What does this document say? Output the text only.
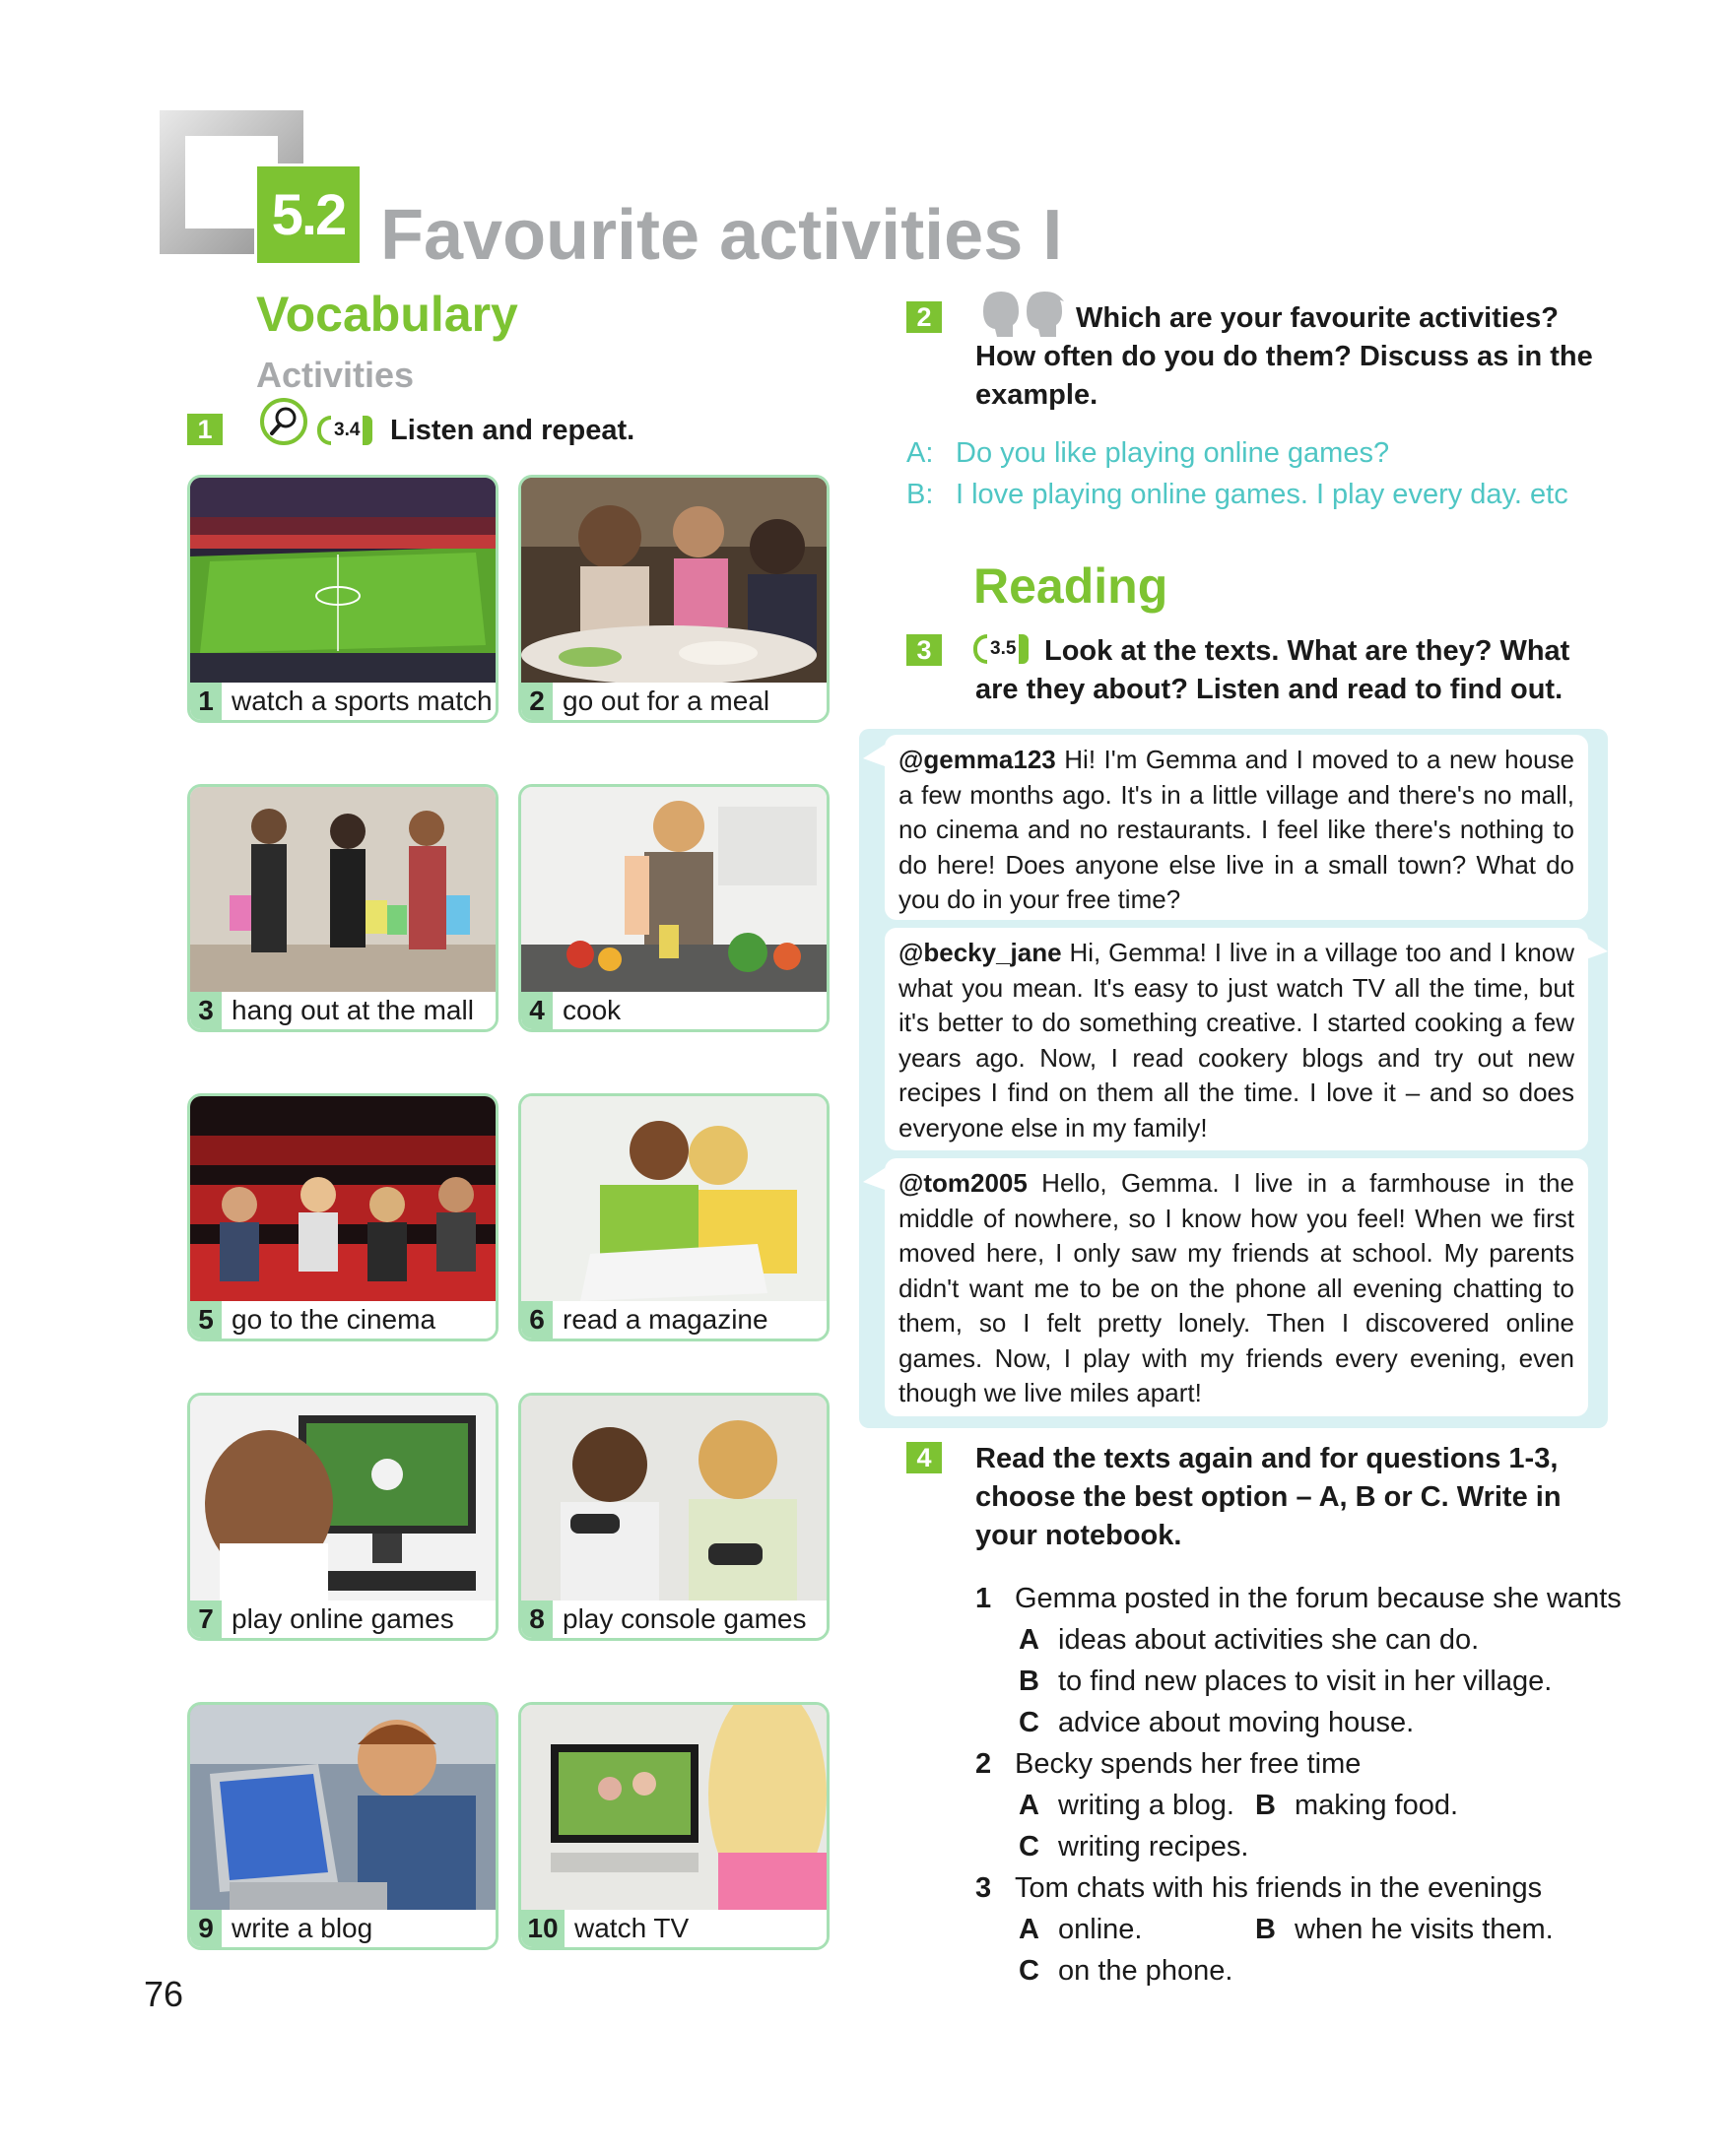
5.2 Favourite activities I
Vocabulary
Activities
1	3.4 Listen and repeat.
1 watch a sports match 2 go out for a meal
3 hang out at the mall 4 cook
5 go to the cinema	6 read a magazine
7 play online games	8 play console games
9 write a blog	10 watch TV
76
2	Which are your favourite activities?
How often do you do them? Discuss as in the
example.
A: Do you like playing online games?
B: I love playing online games. I play every day. etc
Reading
3	3.5 Look at the texts. What are they? What
are they about? Listen and read to find out.
@gemma123 Hi! I'm Gemma and I moved to a new house a few months ago. It's in a little village and there's no mall, no cinema and no restaurants. I feel like there's nothing to do here! Does anyone else live in a small town? What do you do in your free time?
@becky_jane Hi, Gemma! I live in a village too and I know what you mean. It's easy to just watch TV all the time, but it's better to do something creative. I started cooking a few years ago. Now, I read cookery blogs and try out new recipes I find on them all the time. I love it – and so does everyone else in my family!
@tom2005 Hello, Gemma. I live in a farmhouse in the middle of nowhere, so I know how you feel! When we first moved here, I only saw my friends at school. My parents didn't want me to be on the phone all evening chatting to them, so I felt pretty lonely. Then I discovered online games. Now, I play with my friends every evening, even though we live miles apart!
4	Read the texts again and for questions 1-3,
choose the best option – A, B or C. Write in
your notebook.
1 Gemma posted in the forum because she wants
A ideas about activities she can do.
B to find new places to visit in her village.
C advice about moving house.
2 Becky spends her free time
A writing a blog. B making food.
C writing recipes.
3 Tom chats with his friends in the evenings
A online.	B when he visits them.
C on the phone.
